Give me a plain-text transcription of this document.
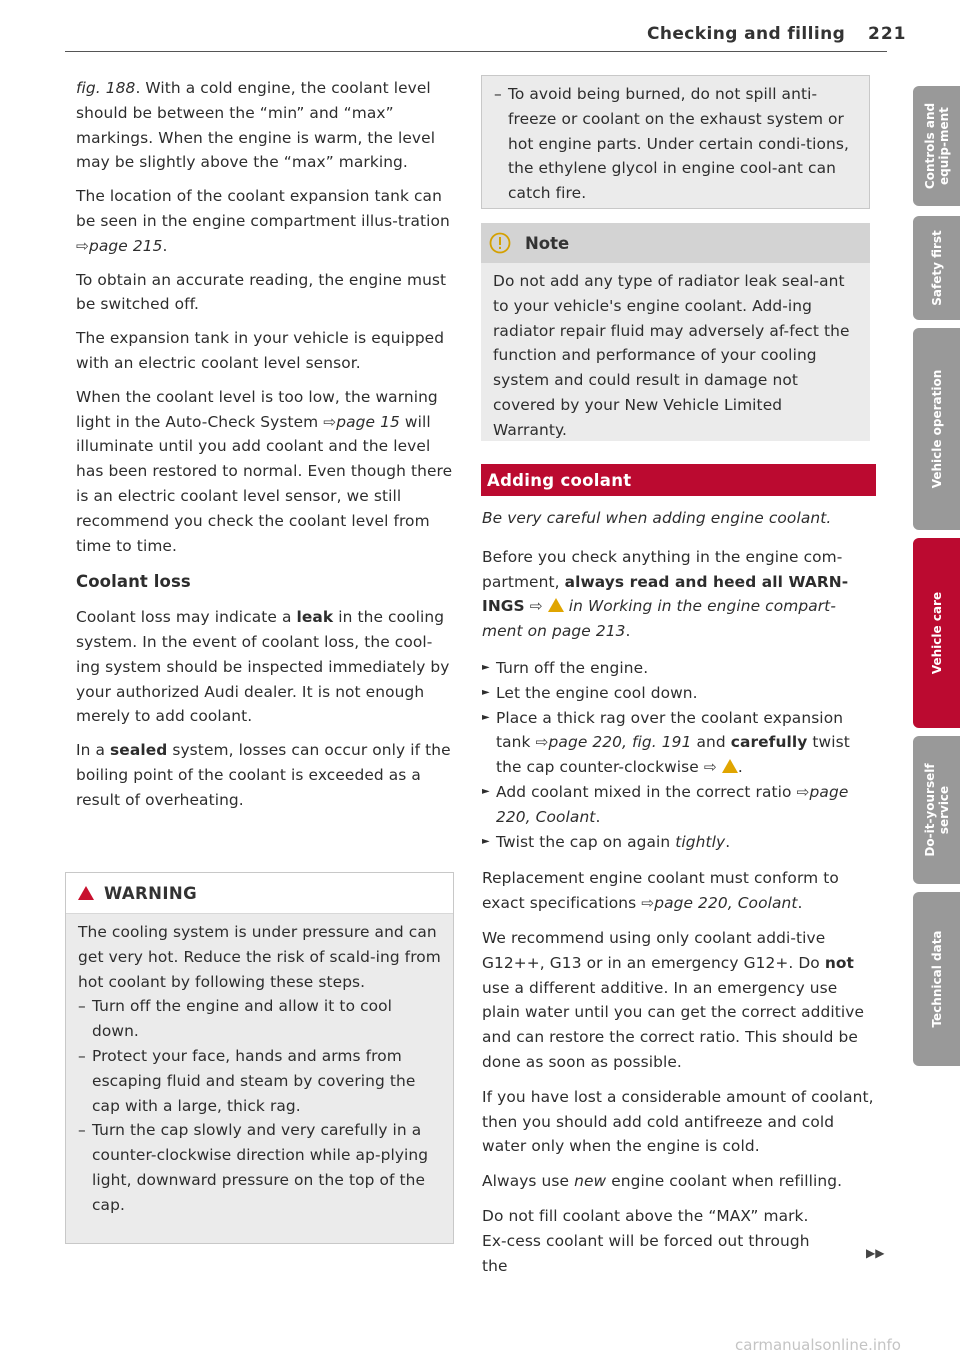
Checking and filling 221

fig. 188. With a cold engine, the coolant level should be between the “min” and “max” markings. When the engine is warm, the level may be slightly above the “max” marking.

The location of the coolant expansion tank can be seen in the engine compartment illus-tration ⇨page 215.

To obtain an accurate reading, the engine must be switched off.

The expansion tank in your vehicle is equipped with an electric coolant level sensor.

When the coolant level is too low, the warning light in the Auto-Check System ⇨page 15 will illuminate until you add coolant and the level has been restored to normal. Even though there is an electric coolant level sensor, we still recommend you check the coolant level from time to time.

Coolant loss

Coolant loss may indicate a leak in the cooling system. In the event of coolant loss, the cool-ing system should be inspected immediately by your authorized Audi dealer. It is not enough merely to add coolant.

In a sealed system, losses can occur only if the boiling point of the coolant is exceeded as a result of overheating.

WARNING

The cooling system is under pressure and can get very hot. Reduce the risk of scald-ing from hot coolant by following these steps.

– Turn off the engine and allow it to cool down.
– Protect your face, hands and arms from escaping fluid and steam by covering the cap with a large, thick rag.
– Turn the cap slowly and very carefully in a counter-clockwise direction while ap-plying light, downward pressure on the top of the cap.
– To avoid being burned, do not spill anti-freeze or coolant on the exhaust system or hot engine parts. Under certain condi-tions, the ethylene glycol in engine cool-ant can catch fire.
Note

Do not add any type of radiator leak seal-ant to your vehicle's engine coolant. Add-ing radiator repair fluid may adversely af-fect the function and performance of your cooling system and could result in damage not covered by your New Vehicle Limited Warranty.

Adding coolant

Be very careful when adding engine coolant.

Before you check anything in the engine com-partment, always read and heed all WARN-INGS ⇨ in Working in the engine compart-ment on page 213.

► Turn off the engine.
► Let the engine cool down.
► Place a thick rag over the coolant expansion tank ⇨page 220, fig. 191 and carefully twist the cap counter-clockwise ⇨ .
► Add coolant mixed in the correct ratio ⇨page 220, Coolant.
► Twist the cap on again tightly.

Replacement engine coolant must conform to exact specifications ⇨page 220, Coolant.

We recommend using only coolant addi-tive G12++, G13 or in an emergency G12+. Do not use a different additive. In an emergency use plain water until you can get the correct additive and can restore the correct ratio. This should be done as soon as possible.

If you have lost a considerable amount of coolant, then you should add cold antifreeze and cold water only when the engine is cold.

Always use new engine coolant when refilling.

Do not fill coolant above the “MAX” mark. Ex-cess coolant will be forced out through the

▶▶
Controls and equip-ment
Safety first
Vehicle operation
Vehicle care
Do-it-yourself service
Technical data
carmanualsonline.info
